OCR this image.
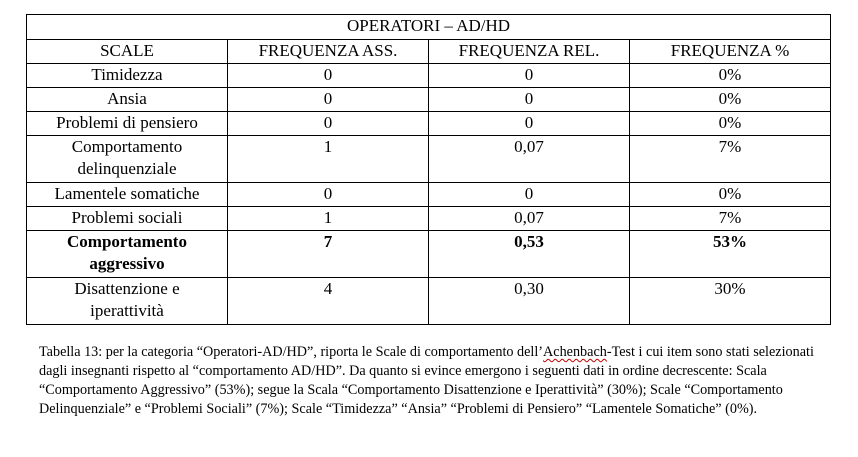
OPERATORI – AD/HD			
SCALE	FREQUENZA ASS.	FREQUENZA REL.	FREQUENZA %

Timidezza	0	0	0%

Ansia	0	0	0%

Problemi di pensiero	0	0	0%

Comportamento
delinquenziale	1	0,07	7%

Lamentele somatiche	0	0	0%

Problemi sociali	1	0,07	7%

Comportamento
aggressivo	7	0,53	53%

Disattenzione e
iperattività	4	0,30	30%

Tabella 13: per la categoria “Operatori-AD/HD”, riporta le Scale di comportamento dell’Achenbach-Test i cui item sono stati selezionati dagli insegnanti rispetto al “comportamento AD/HD”. Da quanto si evince emergono i seguenti dati in ordine decrescente: Scala “Comportamento Aggressivo” (53%); segue la Scala “Comportamento Disattenzione e Iperattività” (30%); Scale “Comportamento Delinquenziale” e “Problemi Sociali” (7%); Scale “Timidezza” “Ansia” “Problemi di Pensiero” “Lamentele Somatiche” (0%).
